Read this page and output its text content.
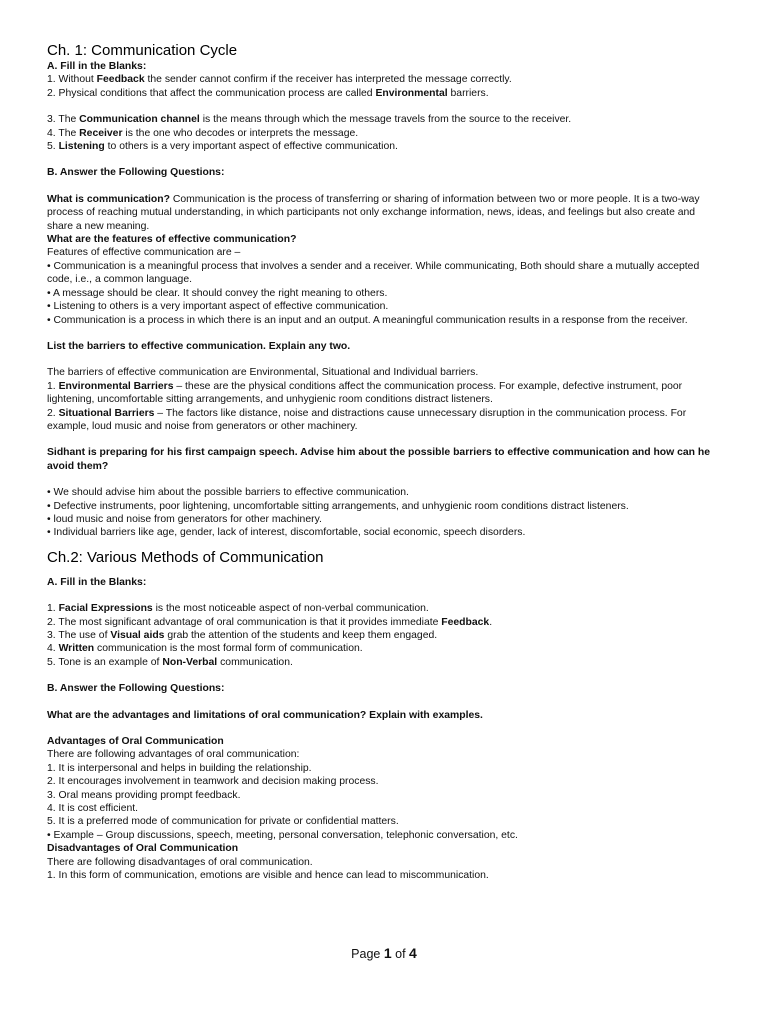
Ch. 1: Communication Cycle

A. Fill in the Blanks:

1. Without Feedback the sender cannot confirm if the receiver has interpreted the message correctly.

2. Physical conditions that affect the communication process are called Environmental barriers.

3. The Communication channel is the means through which the message travels from the source to the receiver.

4. The Receiver is the one who decodes or interprets the message.

5. Listening to others is a very important aspect of effective communication.

B. Answer the Following Questions:

What is communication? Communication is the process of transferring or sharing of information between two or more people. It is a two-way process of reaching mutual understanding, in which participants not only exchange information, news, ideas, and feelings but also create and share a new meaning.

What are the features of effective communication?

Features of effective communication are –

• Communication is a meaningful process that involves a sender and a receiver. While communicating, Both should share a mutually accepted code, i.e., a common language.

• A message should be clear. It should convey the right meaning to others.

• Listening to others is a very important aspect of effective communication.

• Communication is a process in which there is an input and an output. A meaningful communication results in a response from the receiver.

List the barriers to effective communication. Explain any two.

The barriers of effective communication are Environmental, Situational and Individual barriers.

1. Environmental Barriers – these are the physical conditions affect the communication process. For example, defective instrument, poor lightening, uncomfortable sitting arrangements, and unhygienic room conditions distract listeners.

2. Situational Barriers – The factors like distance, noise and distractions cause unnecessary disruption in the communication process. For example, loud music and noise from generators or other machinery.

Sidhant is preparing for his first campaign speech. Advise him about the possible barriers to effective communication and how can he avoid them?

• We should advise him about the possible barriers to effective communication.

• Defective instruments, poor lightening, uncomfortable sitting arrangements, and unhygienic room conditions distract listeners.

• loud music and noise from generators for other machinery.

• Individual barriers like age, gender, lack of interest, discomfortable, social economic, speech disorders.

Ch.2: Various Methods of Communication

A. Fill in the Blanks:

1. Facial Expressions is the most noticeable aspect of non-verbal communication.

2. The most significant advantage of oral communication is that it provides immediate Feedback.

3. The use of Visual aids grab the attention of the students and keep them engaged.

4. Written communication is the most formal form of communication.

5. Tone is an example of Non-Verbal communication.

B. Answer the Following Questions:

What are the advantages and limitations of oral communication? Explain with examples.

Advantages of Oral Communication

There are following advantages of oral communication:

1. It is interpersonal and helps in building the relationship.

2. It encourages involvement in teamwork and decision making process.

3. Oral means providing prompt feedback.

4. It is cost efficient.

5. It is a preferred mode of communication for private or confidential matters.

• Example – Group discussions, speech, meeting, personal conversation, telephonic conversation, etc.

Disadvantages of Oral Communication

There are following disadvantages of oral communication.

1. In this form of communication, emotions are visible and hence can lead to miscommunication.

Page 1 of 4
